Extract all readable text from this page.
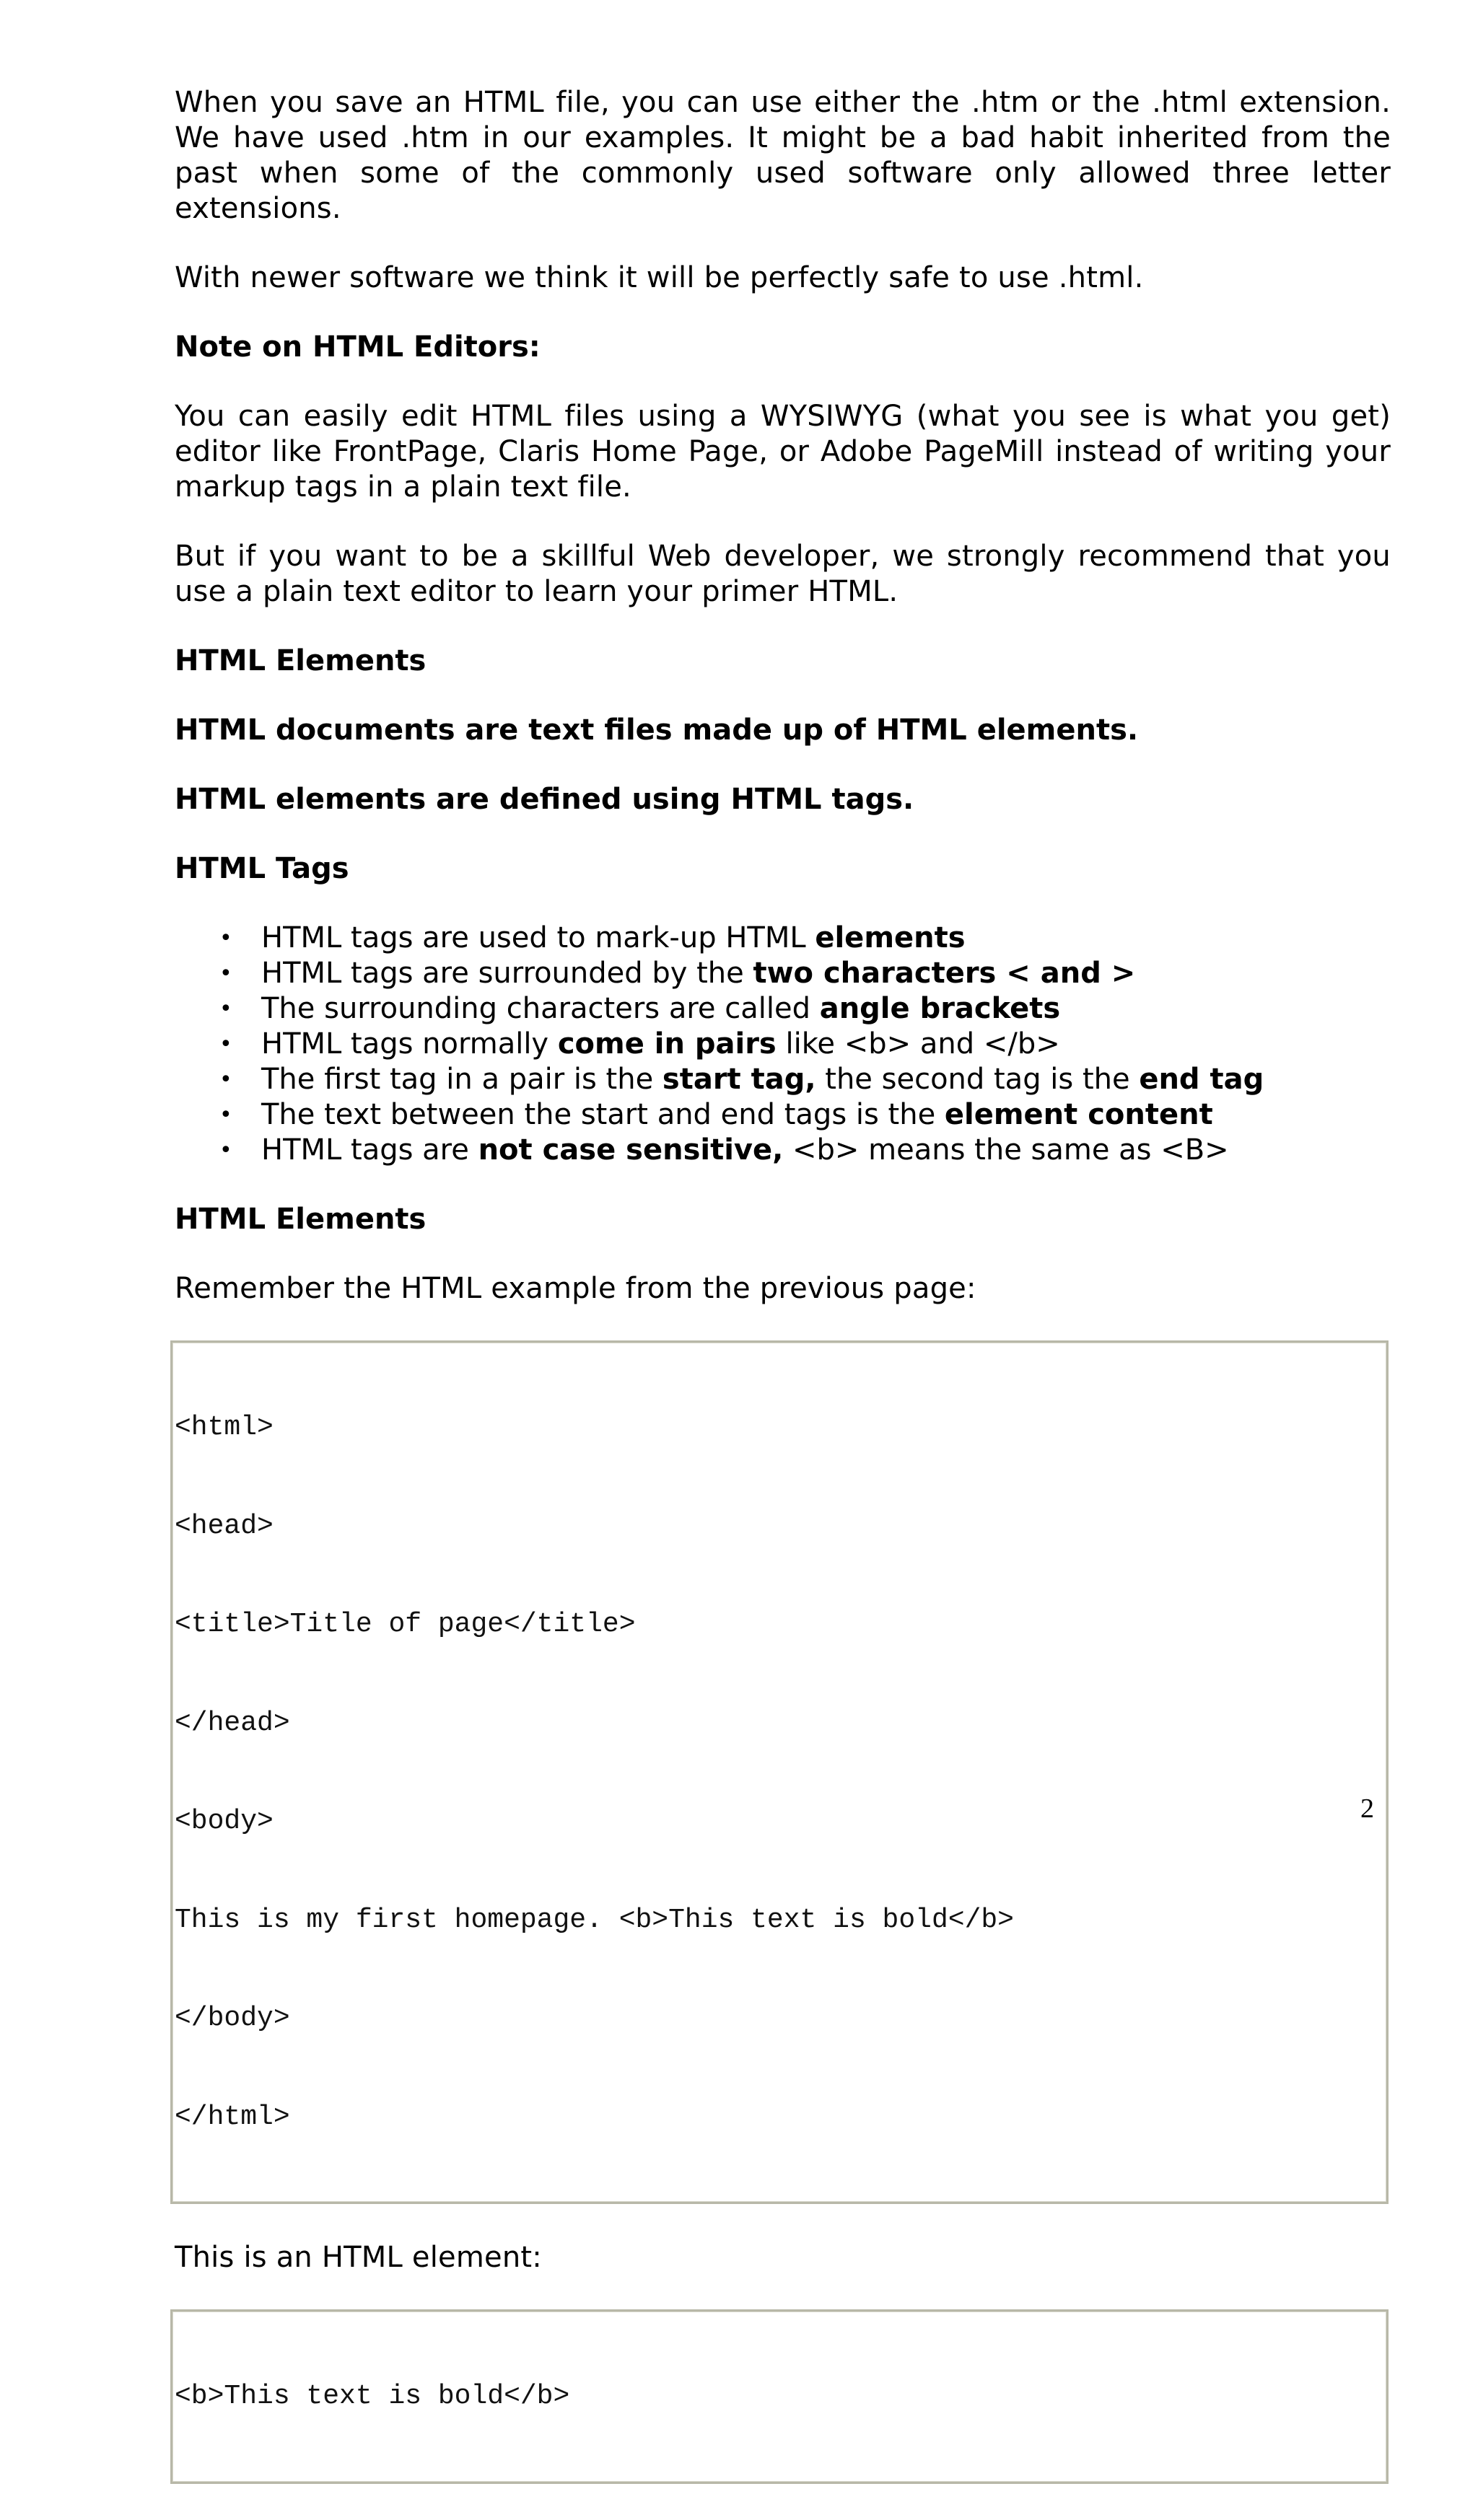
When you save an HTML file, you can use either the .htm or the .html extension. We have used .htm in our examples. It might be a bad habit inherited from the past when some of the commonly used software only allowed three letter extensions.

With newer software we think it will be perfectly safe to use .html.

Note on HTML Editors:

You can easily edit HTML files using a WYSIWYG (what you see is what you get) editor like FrontPage, Claris Home Page, or Adobe PageMill instead of writing your markup tags in a plain text file.

But if you want to be a skillful Web developer, we strongly recommend that you use a plain text editor to learn your primer HTML.

HTML Elements
HTML documents are text files made up of HTML elements.
HTML elements are defined using HTML tags.
HTML Tags
• HTML tags are used to mark-up HTML elements
• HTML tags are surrounded by the two characters < and >
• The surrounding characters are called angle brackets
• HTML tags normally come in pairs like <b> and </b>
• The first tag in a pair is the start tag, the second tag is the end tag
• The text between the start and end tags is the element content
• HTML tags are not case sensitive, <b> means the same as <B>
HTML Elements

Remember the HTML example from the previous page:

<html>

<head>

<title>Title of page</title>

</head>

<body>

This is my first homepage. <b>This text is bold</b>

</body>

</html>

This is an HTML element:

<b>This text is bold</b>

2
